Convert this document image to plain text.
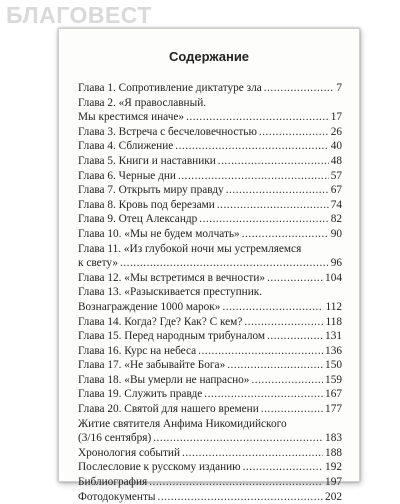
БЛАГОВЕСТ
Содержание
Глава 1. Сопротивление диктатуре зла .....	7
Глава 2. «Я православный.
Мы крестимся иначе» .....	17
Глава 3. Встреча с бесчеловечностью .....	26
Глава 4. Сближение .....	40
Глава 5. Книги и наставники .....	48
Глава 6. Черные дни .....	57
Глава 7. Открыть миру правду .....	67
Глава 8. Кровь под березами .....	74
Глава 9. Отец Александр .....	82
Глава 10. «Мы не будем молчать» .....	90
Глава 11. «Из глубокой ночи мы устремляемся
к свету» .....	96
Глава 12. «Мы встретимся в вечности» .....	104
Глава 13. «Разыскивается преступник.
Вознаграждение 1000 марок» .....	112
Глава 14. Когда? Где? Как? С кем? .....	118
Глава 15. Перед народным трибуналом .....	131
Глава 16. Курс на небеса .....	136
Глава 17. «Не забывайте Бога» .....	150
Глава 18. «Вы умерли не напрасно» .....	159
Глава 19. Служить правде .....	167
Глава 20. Святой для нашего времени .....	177
Житие святителя Анфима Никомидийского
(3/16 сентября) .....	183
Хронология событий .....	188
Послесловие к русскому изданию .....	192
Библиография .....	197
Фотодокументы .....	202
